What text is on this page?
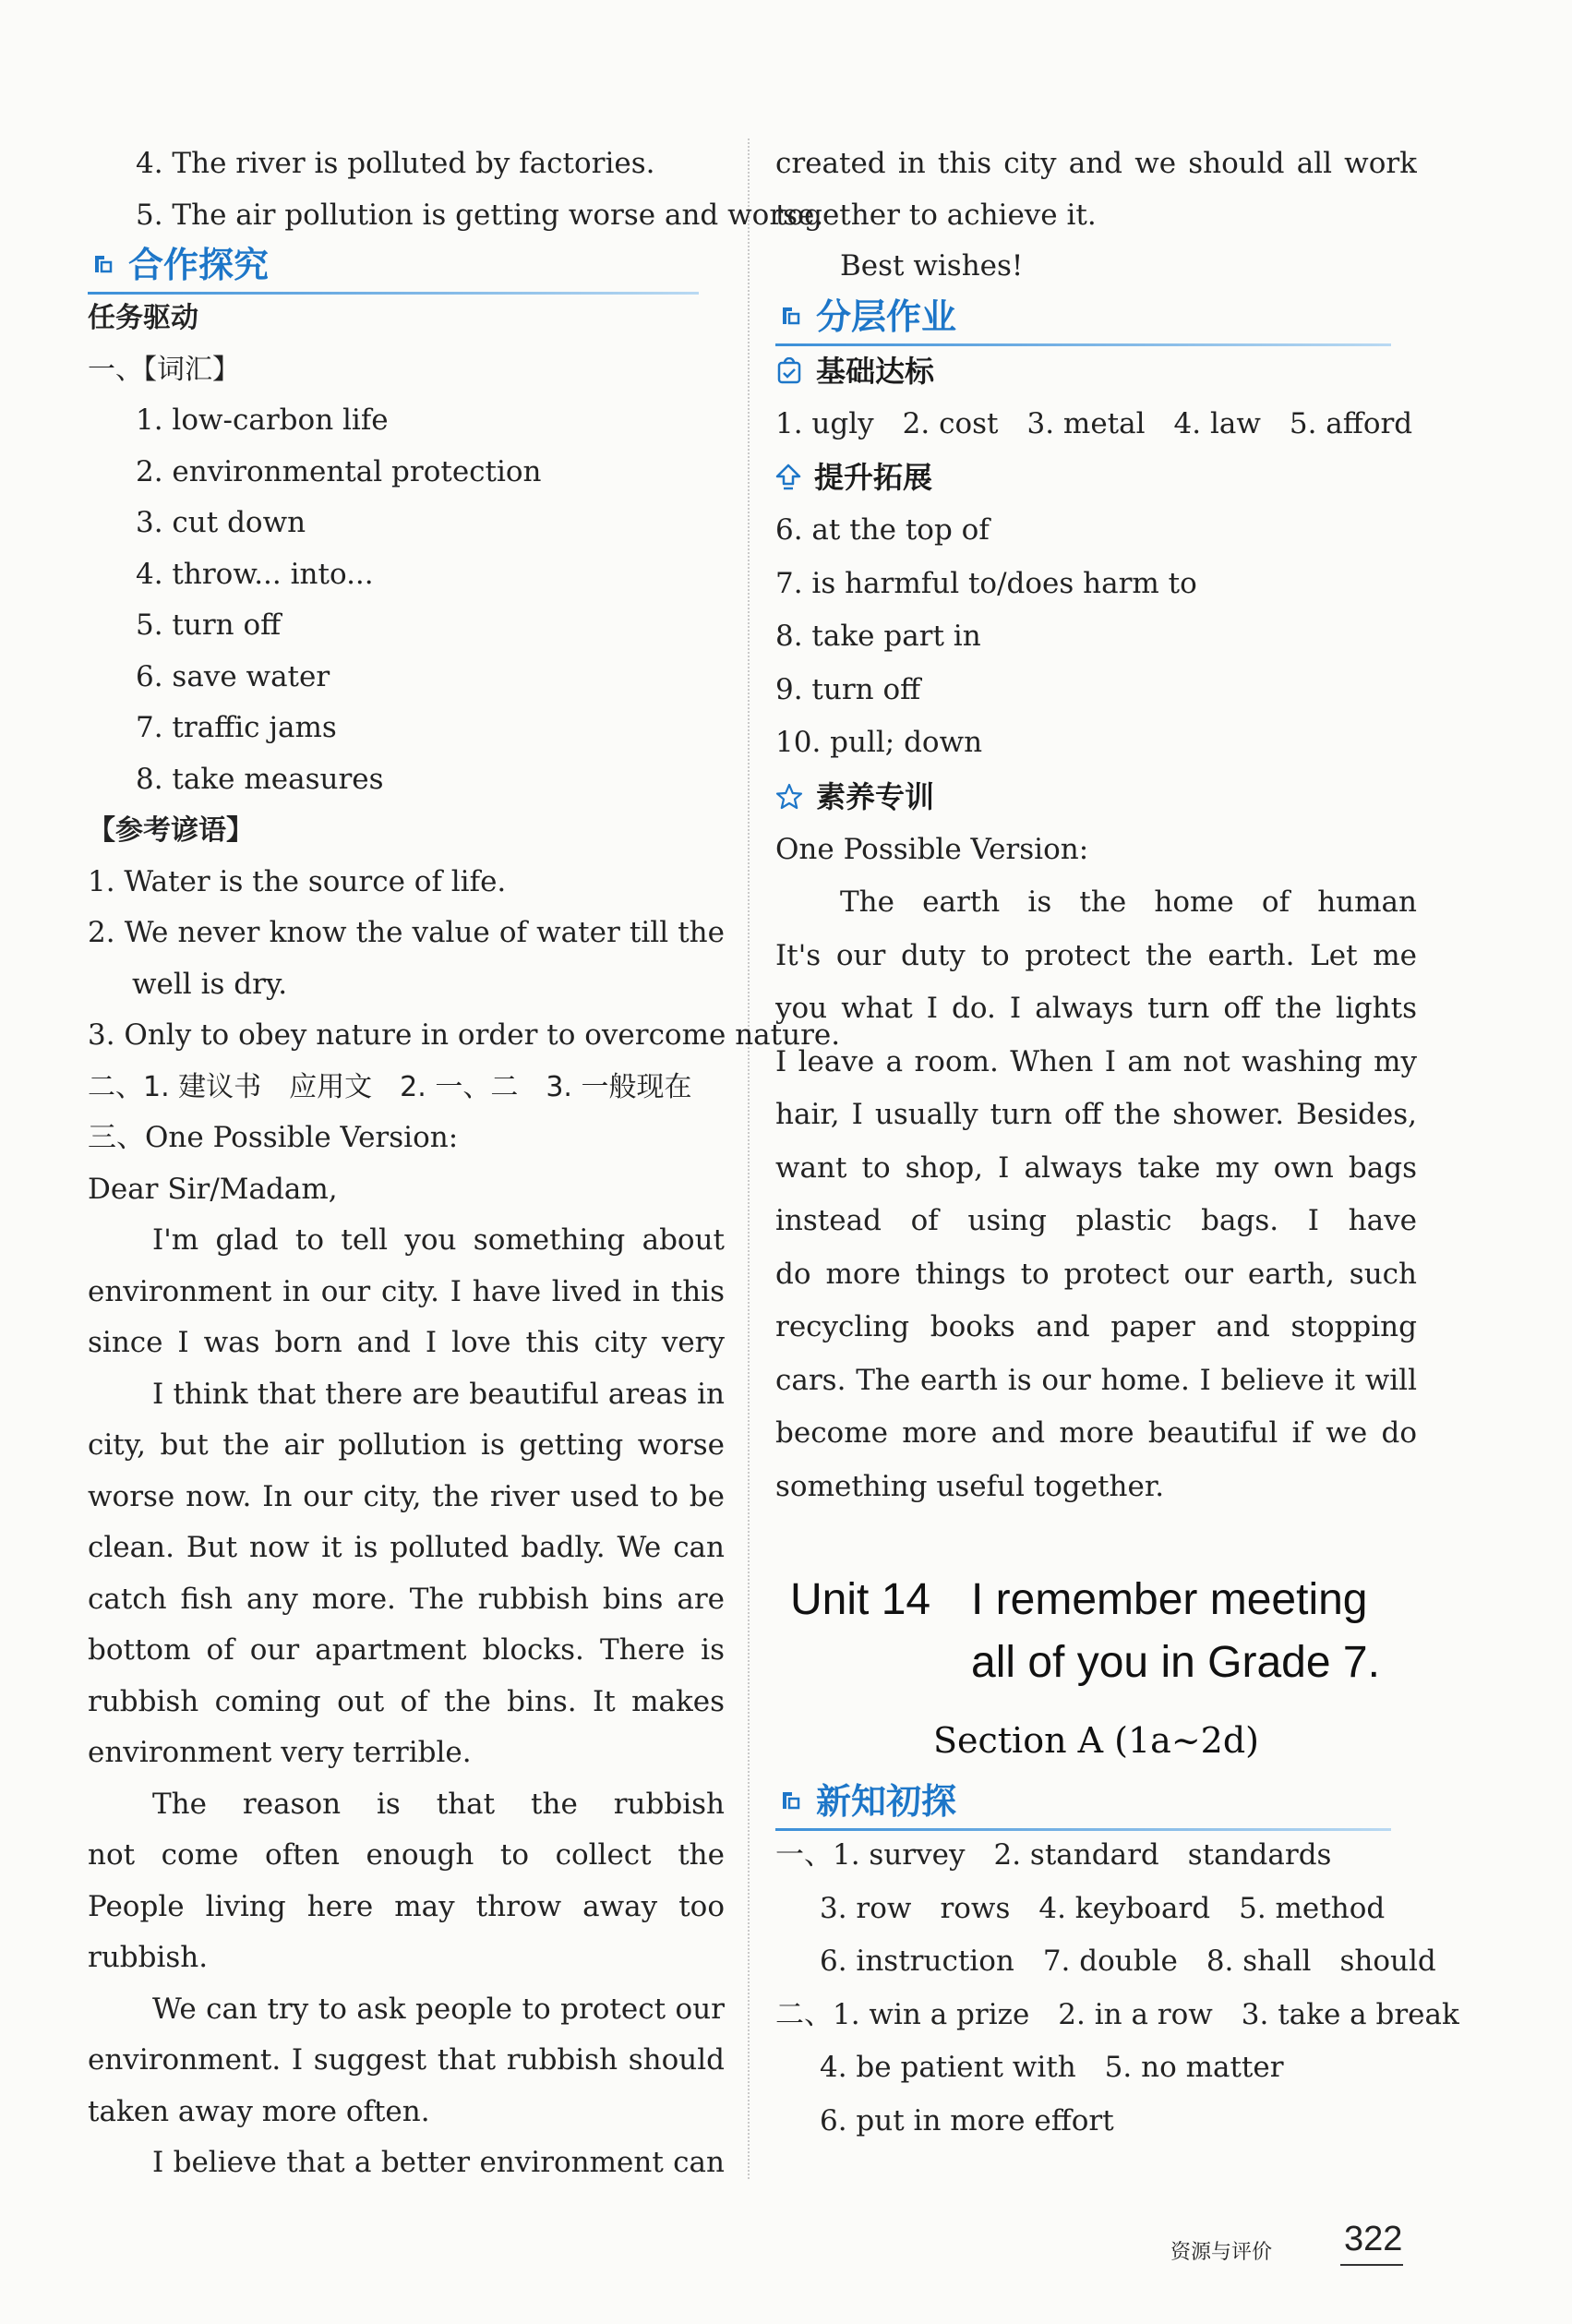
4. The river is polluted by factories.
5. The air pollution is getting worse and worse.
合作探究
任务驱动
一、【词汇】
1. low-carbon life
2. environmental protection
3. cut down
4. throw... into...
5. turn off
6. save water
7. traffic jams
8. take measures
【参考谚语】
1. Water is the source of life.
2. We never know the value of water till the
well is dry.
3. Only to obey nature in order to overcome nature.
二、1. 建议书　应用文　2. 一、二　3. 一般现在
三、One Possible Version:
Dear Sir/Madam,
I'm glad to tell you something about
environment in our city. I have lived in this
since I was born and I love this city very
I think that there are beautiful areas in
city, but the air pollution is getting worse
worse now. In our city, the river used to be
clean. But now it is polluted badly. We can
catch fish any more. The rubbish bins are
bottom of our apartment blocks. There is
rubbish coming out of the bins. It makes
environment very terrible.
The reason is that the rubbish
not come often enough to collect the
People living here may throw away too
rubbish.
We can try to ask people to protect our
environment. I suggest that rubbish should
taken away more often.
I believe that a better environment can
created in this city and we should all work
together to achieve it.
Best wishes!
分层作业
基础达标
1. ugly　2. cost　3. metal　4. law　5. afford
提升拓展
6. at the top of
7. is harmful to/does harm to
8. take part in
9. turn off
10. pull; down
素养专训
One Possible Version:
The earth is the home of human
It's our duty to protect the earth. Let me
you what I do. I always turn off the lights
I leave a room. When I am not washing my
hair, I usually turn off the shower. Besides,
want to shop, I always take my own bags
instead of using plastic bags. I have
do more things to protect our earth, such
recycling books and paper and stopping
cars. The earth is our home. I believe it will
become more and more beautiful if we do
something useful together.
Unit 14 I remember meeting
all of you in Grade 7.
Section A (1a~2d)
新知初探
一、1. survey　2. standard　standards
3. row　rows　4. keyboard　5. method
6. instruction　7. double　8. shall　should
二、1. win a prize　2. in a row　3. take a break
4. be patient with　5. no matter
6. put in more effort
资源与评价 322
